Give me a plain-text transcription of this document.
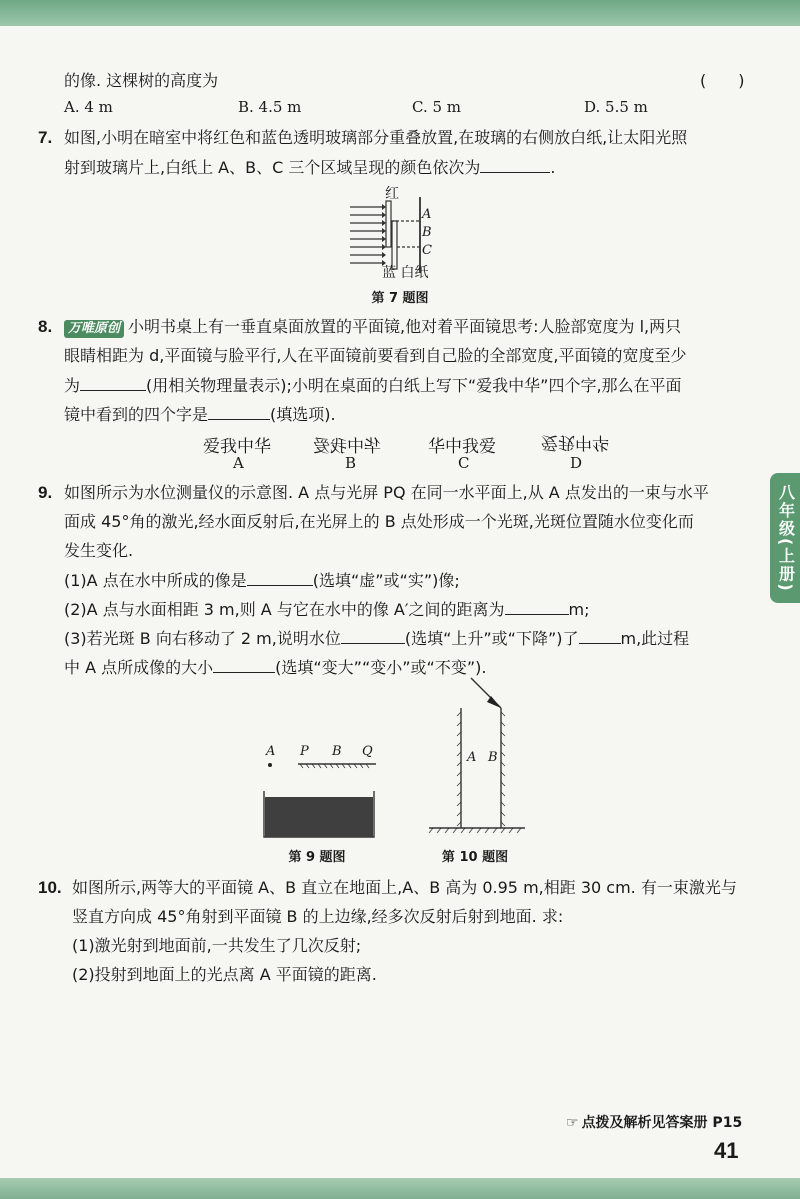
的像. 这棵树的高度为	(　　)
A. 4 m	B. 4.5 m	C. 5 m	D. 5.5 m
7. 如图,小明在暗室中将红色和蓝色透明玻璃部分重叠放置,在玻璃的右侧放白纸,让太阳光照
射到玻璃片上,白纸上 A、B、C 三个区域呈现的颜色依次为	.
红
A
B
C
蓝 白纸
第 7 题图
8.	万唯原创 小明书桌上有一垂直桌面放置的平面镜,他对着平面镜思考:人脸部宽度为 l,两只
眼睛相距为 d,平面镜与脸平行,人在平面镜前要看到自己脸的全部宽度,平面镜的宽度至少
为	(用相关物理量表示);小明在桌面的白纸上写下“爱我中华”四个字,那么在平面
镜中看到的四个字是	(填选项).
爱我中华
A
华中我爱
B
华中我爱
C
爱我中华
D
9. 如图所示为水位测量仪的示意图. A 点与光屏 PQ 在同一水平面上,从 A 点发出的一束与水平
面成 45°角的激光,经水面反射后,在光屏上的 B 点处形成一个光斑,光斑位置随水位变化而
发生变化.
(1)A 点在水中所成的像是	(选填“虚”或“实”)像;
(2)A 点与水面相距 3 m,则 A 与它在水中的像 A′之间的距离为	m;
(3)若光斑 B 向右移动了 2 m,说明水位	(选填“上升”或“下降”)了	m,此过程
中 A 点所成像的大小	(选填“变大”“变小”或“不变”).
A P B Q
第 9 题图
A B
第 10 题图
10. 如图所示,两等大的平面镜 A、B 直立在地面上,A、B 高为 0.95 m,相距 30 cm. 有一束激光与
竖直方向成 45°角射到平面镜 B 的上边缘,经多次反射后射到地面. 求:
(1)激光射到地面前,一共发生了几次反射;
(2)投射到地面上的光点离 A 平面镜的距离.
八年级(上册)
☞ 点拨及解析见答案册 P15
41
